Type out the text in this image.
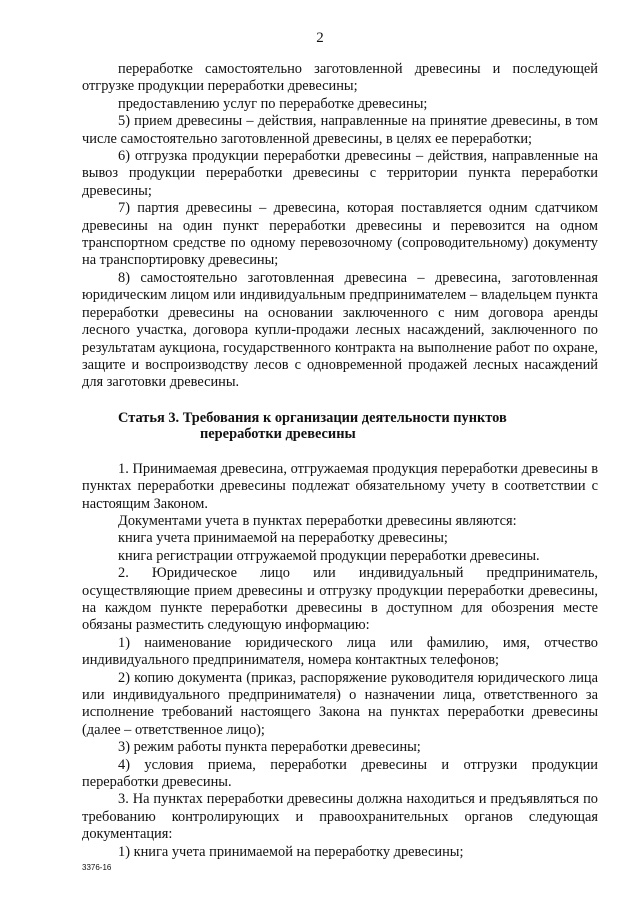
2

переработке самостоятельно заготовленной древесины и последующей отгрузке продукции переработки древесины;

предоставлению услуг по переработке древесины;

5) прием древесины – действия, направленные на принятие древесины, в том числе самостоятельно заготовленной древесины, в целях ее переработки;

6) отгрузка продукции переработки древесины – действия, направленные на вывоз продукции переработки древесины с территории пункта переработки древесины;

7) партия древесины – древесина, которая поставляется одним сдатчиком древесины на один пункт переработки древесины и перевозится на одном транспортном средстве по одному перевозочному (сопроводительному) документу на транспортировку древесины;

8) самостоятельно заготовленная древесина – древесина, заготовленная юридическим лицом или индивидуальным предпринимателем – владельцем пункта переработки древесины на основании заключенного с ним договора аренды лесного участка, договора купли-продажи лесных насаждений, заключенного по результатам аукциона, государственного контракта на выполнение работ по охране, защите и воспроизводству лесов с одновременной продажей лесных насаждений для заготовки древесины.

Статья 3. Требования к организации деятельности пунктов
переработки древесины

1. Принимаемая древесина, отгружаемая продукция переработки древесины в пунктах переработки древесины подлежат обязательному учету в соответствии с настоящим Законом.

Документами учета в пунктах переработки древесины являются:

книга учета принимаемой на переработку древесины;

книга регистрации отгружаемой продукции переработки древесины.

2. Юридическое лицо или индивидуальный предприниматель, осуществляющие прием древесины и отгрузку продукции переработки древесины, на каждом пункте переработки древесины в доступном для обозрения месте обязаны разместить следующую информацию:

1) наименование юридического лица или фамилию, имя, отчество индивидуального предпринимателя, номера контактных телефонов;

2) копию документа (приказ, распоряжение руководителя юридического лица или индивидуального предпринимателя) о назначении лица, ответственного за исполнение требований настоящего Закона на пунктах переработки древесины (далее – ответственное лицо);

3) режим работы пункта переработки древесины;

4) условия приема, переработки древесины и отгрузки продукции переработки древесины.

3. На пунктах переработки древесины должна находиться и предъявляться по требованию контролирующих и правоохранительных органов следующая документация:

1) книга учета принимаемой на переработку древесины;

3376-16
